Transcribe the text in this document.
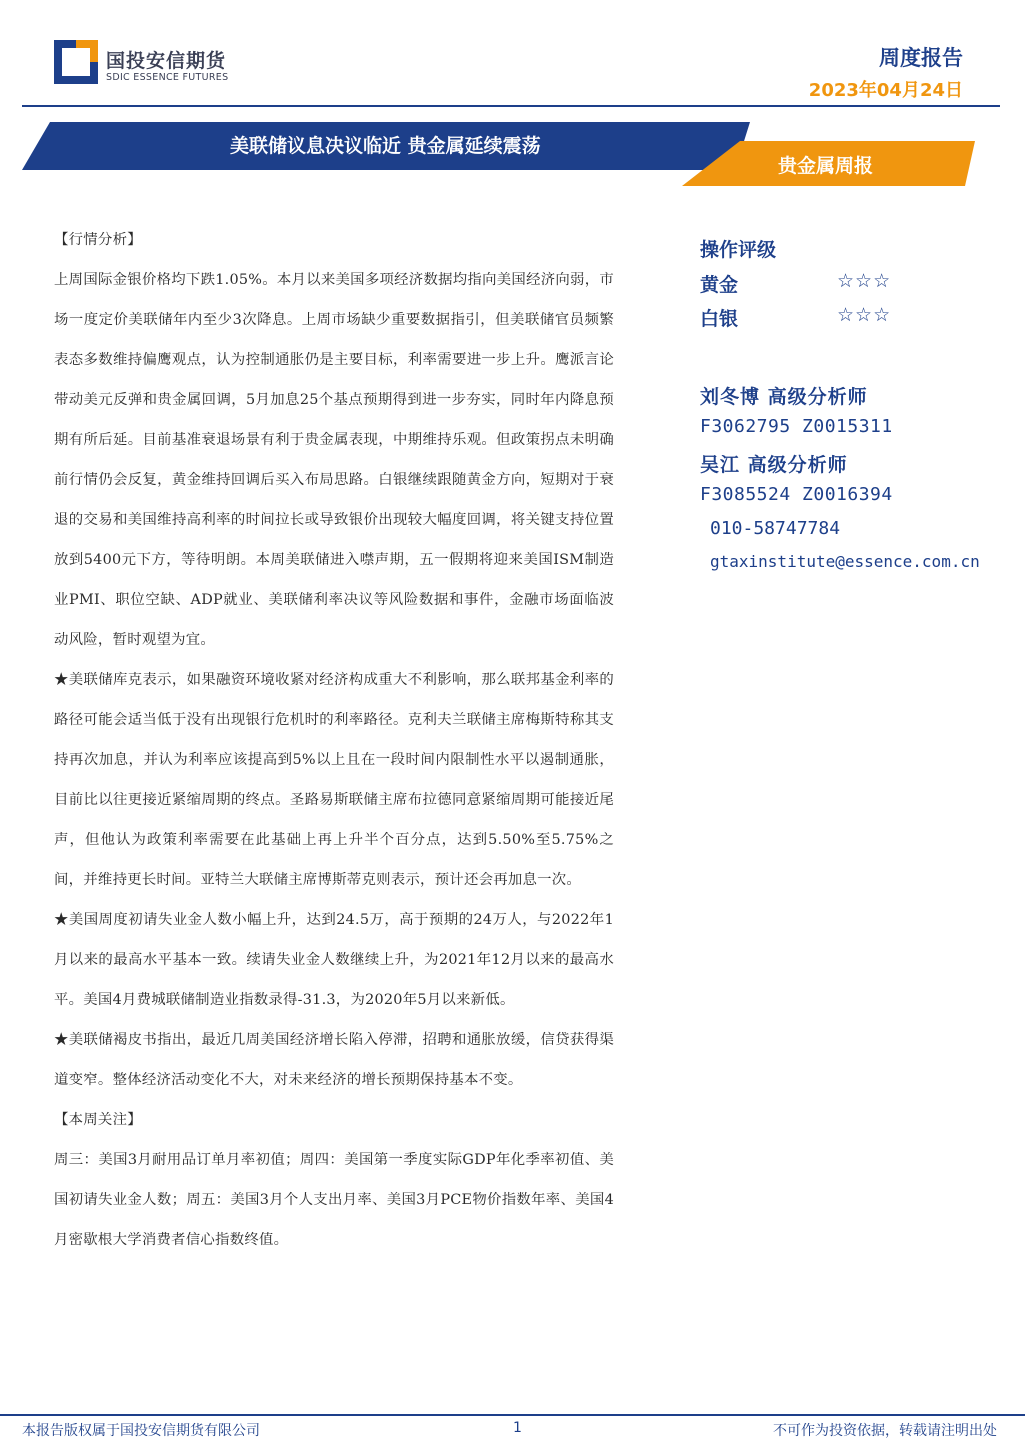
国投安信期货
SDIC ESSENCE FUTURES
周度报告
2023年04月24日
美联储议息决议临近 贵金属延续震荡
贵金属周报

【行情分析】

上周国际金银价格均下跌1.05%。本月以来美国多项经济数据均指向美国经济向弱，市场一度定价美联储年内至少3次降息。上周市场缺少重要数据指引，但美联储官员频繁表态多数维持偏鹰观点，认为控制通胀仍是主要目标，利率需要进一步上升。鹰派言论带动美元反弹和贵金属回调，5月加息25个基点预期得到进一步夯实，同时年内降息预期有所后延。目前基准衰退场景有利于贵金属表现，中期维持乐观。但政策拐点未明确前行情仍会反复，黄金维持回调后买入布局思路。白银继续跟随黄金方向，短期对于衰退的交易和美国维持高利率的时间拉长或导致银价出现较大幅度回调，将关键支持位置放到5400元下方，等待明朗。本周美联储进入噤声期，五一假期将迎来美国ISM制造业PMI、职位空缺、ADP就业、美联储利率决议等风险数据和事件，金融市场面临波动风险，暂时观望为宜。

★美联储库克表示，如果融资环境收紧对经济构成重大不利影响，那么联邦基金利率的路径可能会适当低于没有出现银行危机时的利率路径。克利夫兰联储主席梅斯特称其支持再次加息，并认为利率应该提高到5%以上且在一段时间内限制性水平以遏制通胀，目前比以往更接近紧缩周期的终点。圣路易斯联储主席布拉德同意紧缩周期可能接近尾声，但他认为政策利率需要在此基础上再上升半个百分点，达到5.50%至5.75%之间，并维持更长时间。亚特兰大联储主席博斯蒂克则表示，预计还会再加息一次。

★美国周度初请失业金人数小幅上升，达到24.5万，高于预期的24万人，与2022年1月以来的最高水平基本一致。续请失业金人数继续上升，为2021年12月以来的最高水平。美国4月费城联储制造业指数录得-31.3，为2020年5月以来新低。

★美联储褐皮书指出，最近几周美国经济增长陷入停滞，招聘和通胀放缓，信贷获得渠道变窄。整体经济活动变化不大，对未来经济的增长预期保持基本不变。

【本周关注】

周三：美国3月耐用品订单月率初值；周四：美国第一季度实际GDP年化季率初值、美国初请失业金人数；周五：美国3月个人支出月率、美国3月PCE物价指数年率、美国4月密歇根大学消费者信心指数终值。

操作评级
黄金	☆☆☆
白银	☆☆☆
刘冬博 高级分析师
F3062795 Z0015311
吴江 高级分析师
F3085524 Z0016394
010-58747784
gtaxinstitute@essence.com.cn
本报告版权属于国投安信期货有限公司	1	不可作为投资依据，转载请注明出处
